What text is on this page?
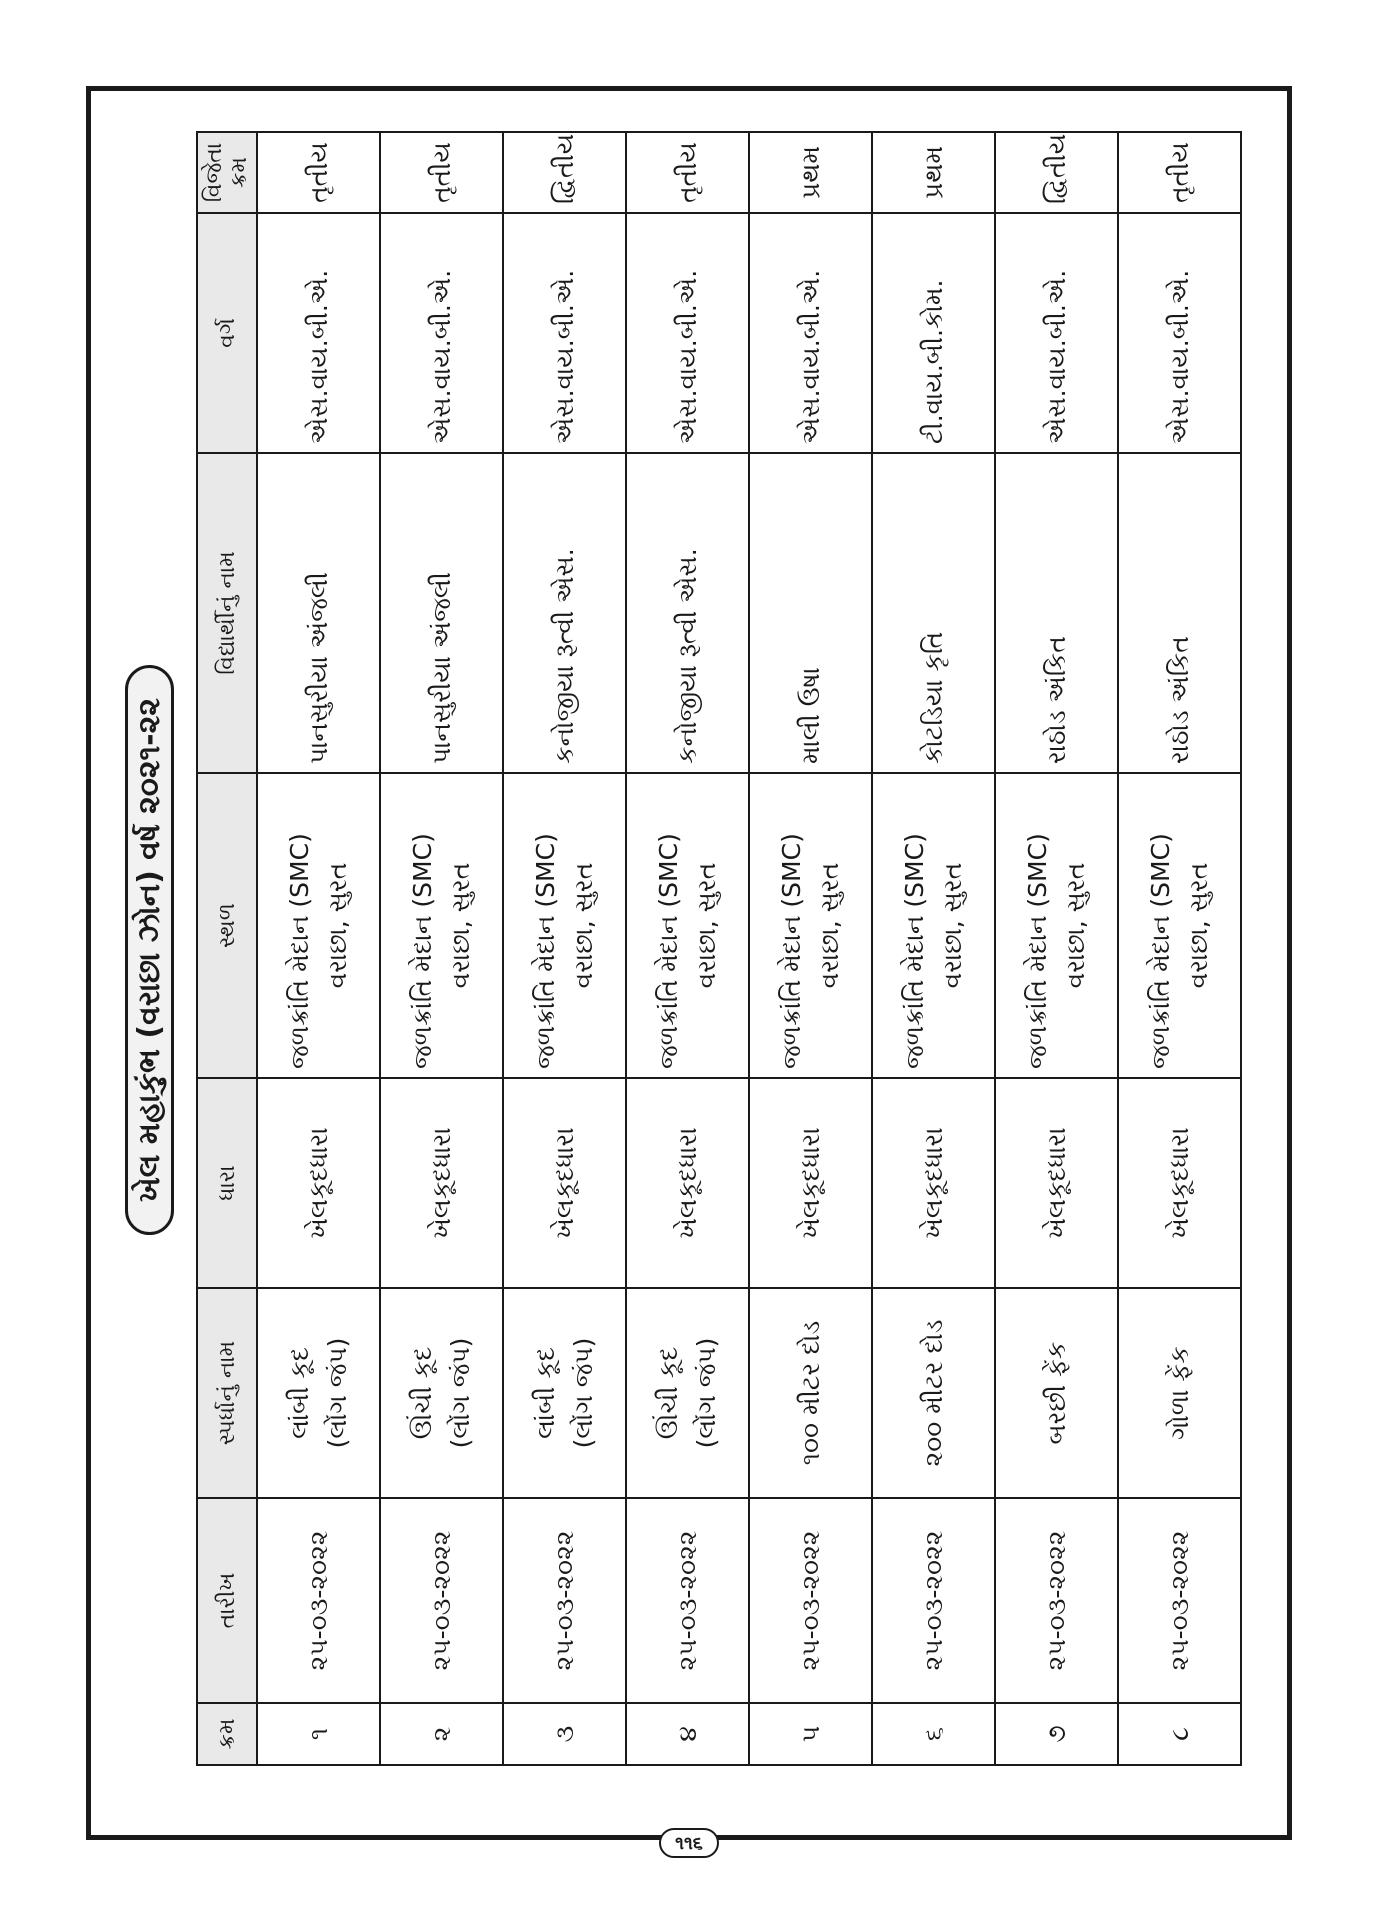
ખેલ મહાકુંભ (વરાછા ઝોન) વર્ષ ૨૦૨૧-૨૨
ક્રમ	તારીખ	સ્પર્ધાનું નામ	ધારા	સ્થળ	વિદ્યાર્થીનું નામ	વર્ગ	વિજેતા ક્રમ

૧	૨૫-૦૩-૨૦૨૨	લાંબી કૂદ (લોંગ જંપ)	ખેલકૂદધારા	જળક્રાંતિ મેદાન (SMC) વરાછા, સુરત	પાનસુરીયા અંજલી	એસ.વાય.બી.એ.	તૃતીય

૨	૨૫-૦૩-૨૦૨૨	ઊંચી કૂદ (લોંગ જંપ)	ખેલકૂદધારા	જળક્રાંતિ મેદાન (SMC) વરાછા, સુરત	પાનસુરીયા અંજલી	એસ.વાય.બી.એ.	તૃતીય

૩	૨૫-૦૩-૨૦૨૨	લાંબી કૂદ (લોંગ જંપ)	ખેલકૂદધારા	જળક્રાંતિ મેદાન (SMC) વરાછા, સુરત	કનોજીયા રૂત્વી એસ.	એસ.વાય.બી.એ.	દ્વિતીય

૪	૨૫-૦૩-૨૦૨૨	ઊંચી કૂદ (લોંગ જંપ)	ખેલકૂદધારા	જળક્રાંતિ મેદાન (SMC) વરાછા, સુરત	કનોજીયા રૂત્વી એસ.	એસ.વાય.બી.એ.	તૃતીય

૫	૨૫-૦૩-૨૦૨૨	૧૦૦ મીટર દોડ	ખેલકૂદધારા	જળક્રાંતિ મેદાન (SMC) વરાછા, સુરત	માલી ઉષા	એસ.વાય.બી.એ.	પ્રથમ

૬	૨૫-૦૩-૨૦૨૨	૨૦૦ મીટર દોડ	ખેલકૂદધારા	જળક્રાંતિ મેદાન (SMC) વરાછા, સુરત	કોટડિયા કૃતિ	ટી.વાય.બી.કોમ.	પ્રથમ

૭	૨૫-૦૩-૨૦૨૨	બરછી ફેંક	ખેલકૂદધારા	જળક્રાંતિ મેદાન (SMC) વરાછા, સુરત	રાઠોડ અંકિત	એસ.વાય.બી.એ.	દ્વિતીય

૮	૨૫-૦૩-૨૦૨૨	ગોળા ફેંક	ખેલકૂદધારા	જળક્રાંતિ મેદાન (SMC) વરાછા, સુરત	રાઠોડ અંકિત	એસ.વાય.બી.એ.	તૃતીય
૧૧૬
